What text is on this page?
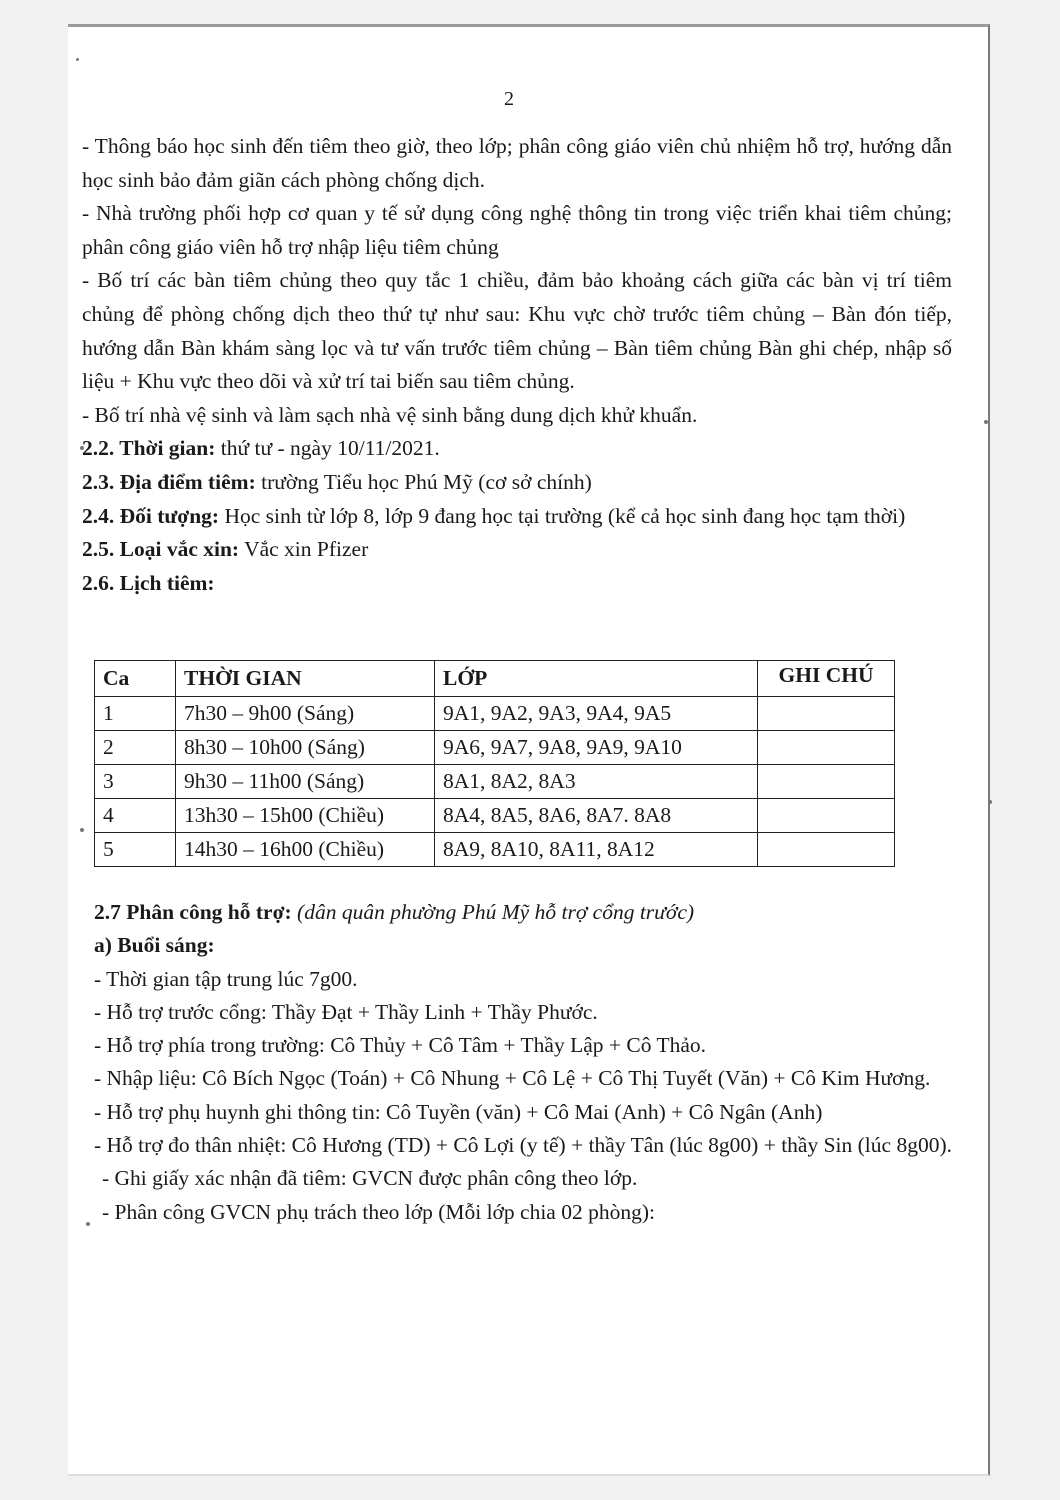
2

- Thông báo học sinh đến tiêm theo giờ, theo lớp; phân công giáo viên chủ nhiệm hỗ trợ, hướng dẫn học sinh bảo đảm giãn cách phòng chống dịch.

- Nhà trường phối hợp cơ quan y tế sử dụng công nghệ thông tin trong việc triển khai tiêm chủng; phân công giáo viên hỗ trợ nhập liệu tiêm chủng

- Bố trí các bàn tiêm chủng theo quy tắc 1 chiều, đảm bảo khoảng cách giữa các bàn vị trí tiêm chủng để phòng chống dịch theo thứ tự như sau: Khu vực chờ trước tiêm chủng – Bàn đón tiếp, hướng dẫn Bàn khám sàng lọc và tư vấn trước tiêm chủng – Bàn tiêm chủng Bàn ghi chép, nhập số liệu + Khu vực theo dõi và xử trí tai biến sau tiêm chủng.

- Bố trí nhà vệ sinh và làm sạch nhà vệ sinh bằng dung dịch khử khuẩn.

2.2. Thời gian: thứ tư - ngày 10/11/2021.

2.3. Địa điểm tiêm: trường Tiểu học Phú Mỹ (cơ sở chính)

2.4. Đối tượng: Học sinh từ lớp 8, lớp 9 đang học tại trường (kể cả học sinh đang học tạm thời)

2.5. Loại vắc xin: Vắc xin Pfizer

2.6. Lịch tiêm:

Ca	THỜI GIAN	LỚP	GHI CHÚ
1	7h30 – 9h00 (Sáng)	9A1, 9A2, 9A3, 9A4, 9A5	
2	8h30 – 10h00 (Sáng)	9A6, 9A7, 9A8, 9A9, 9A10	
3	9h30 – 11h00 (Sáng)	8A1, 8A2, 8A3	
4	13h30 – 15h00 (Chiều)	8A4, 8A5, 8A6, 8A7. 8A8	
5	14h30 – 16h00 (Chiều)	8A9, 8A10, 8A11, 8A12	

2.7 Phân công hỗ trợ: (dân quân phường Phú Mỹ hỗ trợ cổng trước)

a) Buổi sáng:

- Thời gian tập trung lúc 7g00.

- Hỗ trợ trước cổng: Thầy Đạt + Thầy Linh + Thầy Phước.

- Hỗ trợ phía trong trường: Cô Thủy + Cô Tâm + Thầy Lập + Cô Thảo.

- Nhập liệu: Cô Bích Ngọc (Toán) + Cô Nhung + Cô Lệ + Cô Thị Tuyết (Văn) + Cô Kim Hương.

- Hỗ trợ phụ huynh ghi thông tin: Cô Tuyền (văn) + Cô Mai (Anh) + Cô Ngân (Anh)

- Hỗ trợ đo thân nhiệt: Cô Hương (TD) + Cô Lợi (y tế) + thầy Tân (lúc 8g00) + thầy Sin (lúc 8g00).

- Ghi giấy xác nhận đã tiêm: GVCN được phân công theo lớp.

- Phân công GVCN phụ trách theo lớp (Mỗi lớp chia 02 phòng):
